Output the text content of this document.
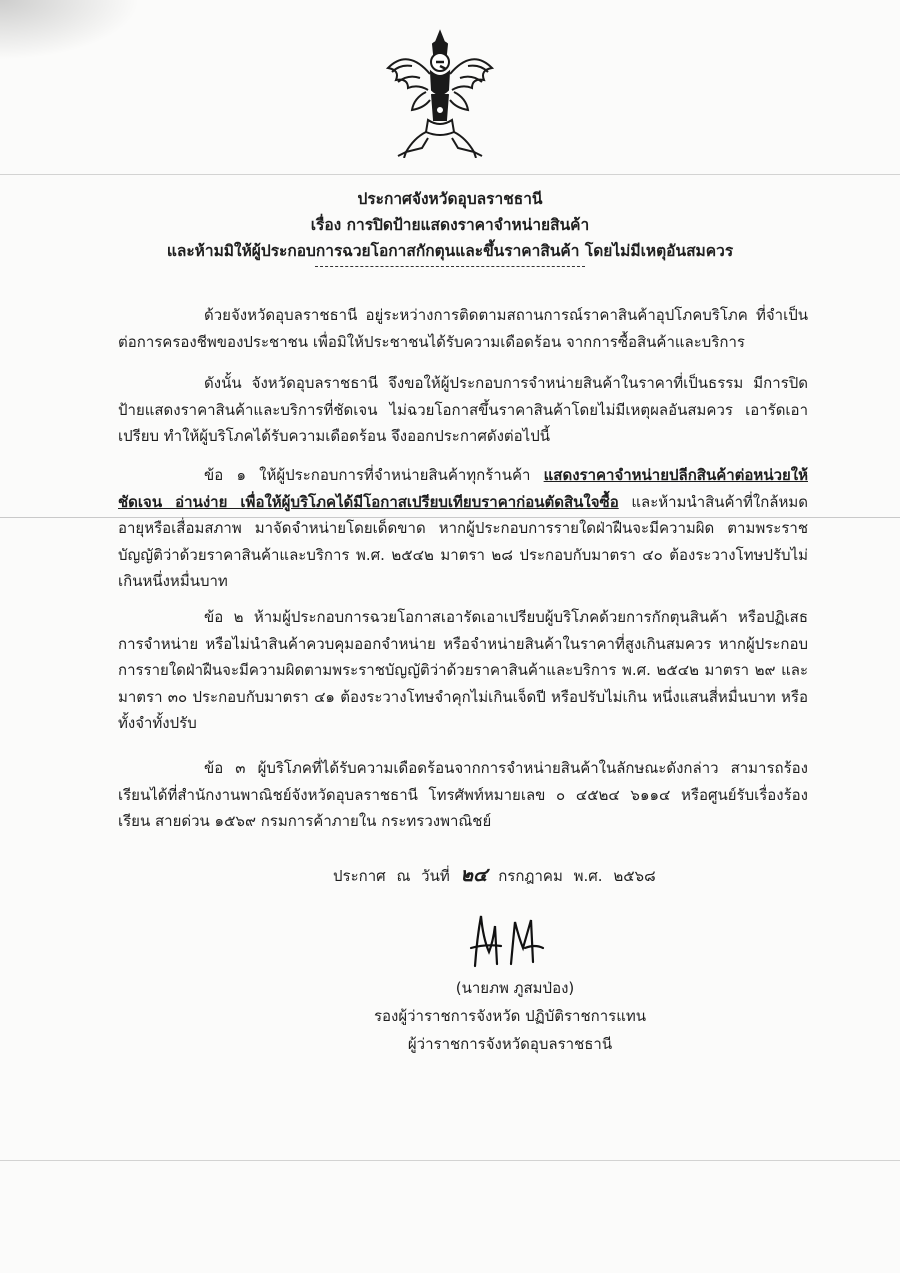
ประกาศจังหวัดอุบลราชธานี
เรื่อง การปิดป้ายแสดงราคาจำหน่ายสินค้า
และห้ามมิให้ผู้ประกอบการฉวยโอกาสกักตุนและขึ้นราคาสินค้า โดยไม่มีเหตุอันสมควร
ด้วยจังหวัดอุบลราชธานี อยู่ระหว่างการติดตามสถานการณ์ราคาสินค้าอุปโภคบริโภค ที่จำเป็นต่อการครองชีพของประชาชน เพื่อมิให้ประชาชนได้รับความเดือดร้อน จากการซื้อสินค้าและบริการ
ดังนั้น จังหวัดอุบลราชธานี จึงขอให้ผู้ประกอบการจำหน่ายสินค้าในราคาที่เป็นธรรม มีการปิดป้ายแสดงราคาสินค้าและบริการที่ชัดเจน ไม่ฉวยโอกาสขึ้นราคาสินค้าโดยไม่มีเหตุผลอันสมควร เอารัดเอาเปรียบ ทำให้ผู้บริโภคได้รับความเดือดร้อน จึงออกประกาศดังต่อไปนี้
ข้อ ๑ ให้ผู้ประกอบการที่จำหน่ายสินค้าทุกร้านค้า แสดงราคาจำหน่ายปลีกสินค้าต่อหน่วยให้ชัดเจน อ่านง่าย เพื่อให้ผู้บริโภคได้มีโอกาสเปรียบเทียบราคาก่อนตัดสินใจซื้อ และห้ามนำสินค้าที่ใกล้หมดอายุหรือเสื่อมสภาพ มาจัดจำหน่ายโดยเด็ดขาด หากผู้ประกอบการรายใดฝ่าฝืนจะมีความผิด ตามพระราชบัญญัติว่าด้วยราคาสินค้าและบริการ พ.ศ. ๒๕๔๒ มาตรา ๒๘ ประกอบกับมาตรา ๔๐ ต้องระวางโทษปรับไม่เกินหนึ่งหมื่นบาท
ข้อ ๒ ห้ามผู้ประกอบการฉวยโอกาสเอารัดเอาเปรียบผู้บริโภคด้วยการกักตุนสินค้า หรือปฏิเสธการจำหน่าย หรือไม่นำสินค้าควบคุมออกจำหน่าย หรือจำหน่ายสินค้าในราคาที่สูงเกินสมควร หากผู้ประกอบการรายใดฝ่าฝืนจะมีความผิดตามพระราชบัญญัติว่าด้วยราคาสินค้าและบริการ พ.ศ. ๒๕๔๒ มาตรา ๒๙ และมาตรา ๓๐ ประกอบกับมาตรา ๔๑ ต้องระวางโทษจำคุกไม่เกินเจ็ดปี หรือปรับไม่เกิน หนึ่งแสนสี่หมื่นบาท หรือทั้งจำทั้งปรับ
ข้อ ๓ ผู้บริโภคที่ได้รับความเดือดร้อนจากการจำหน่ายสินค้าในลักษณะดังกล่าว สามารถร้องเรียนได้ที่สำนักงานพาณิชย์จังหวัดอุบลราชธานี โทรศัพท์หมายเลข ๐ ๔๕๒๔ ๖๑๑๔ หรือศูนย์รับเรื่องร้องเรียน สายด่วน ๑๕๖๙ กรมการค้าภายใน กระทรวงพาณิชย์
ประกาศ ณ วันที่ ๒๔ กรกฎาคม พ.ศ. ๒๕๖๘
(นายภพ ภูสมป่อง)
รองผู้ว่าราชการจังหวัด ปฏิบัติราชการแทน
ผู้ว่าราชการจังหวัดอุบลราชธานี
